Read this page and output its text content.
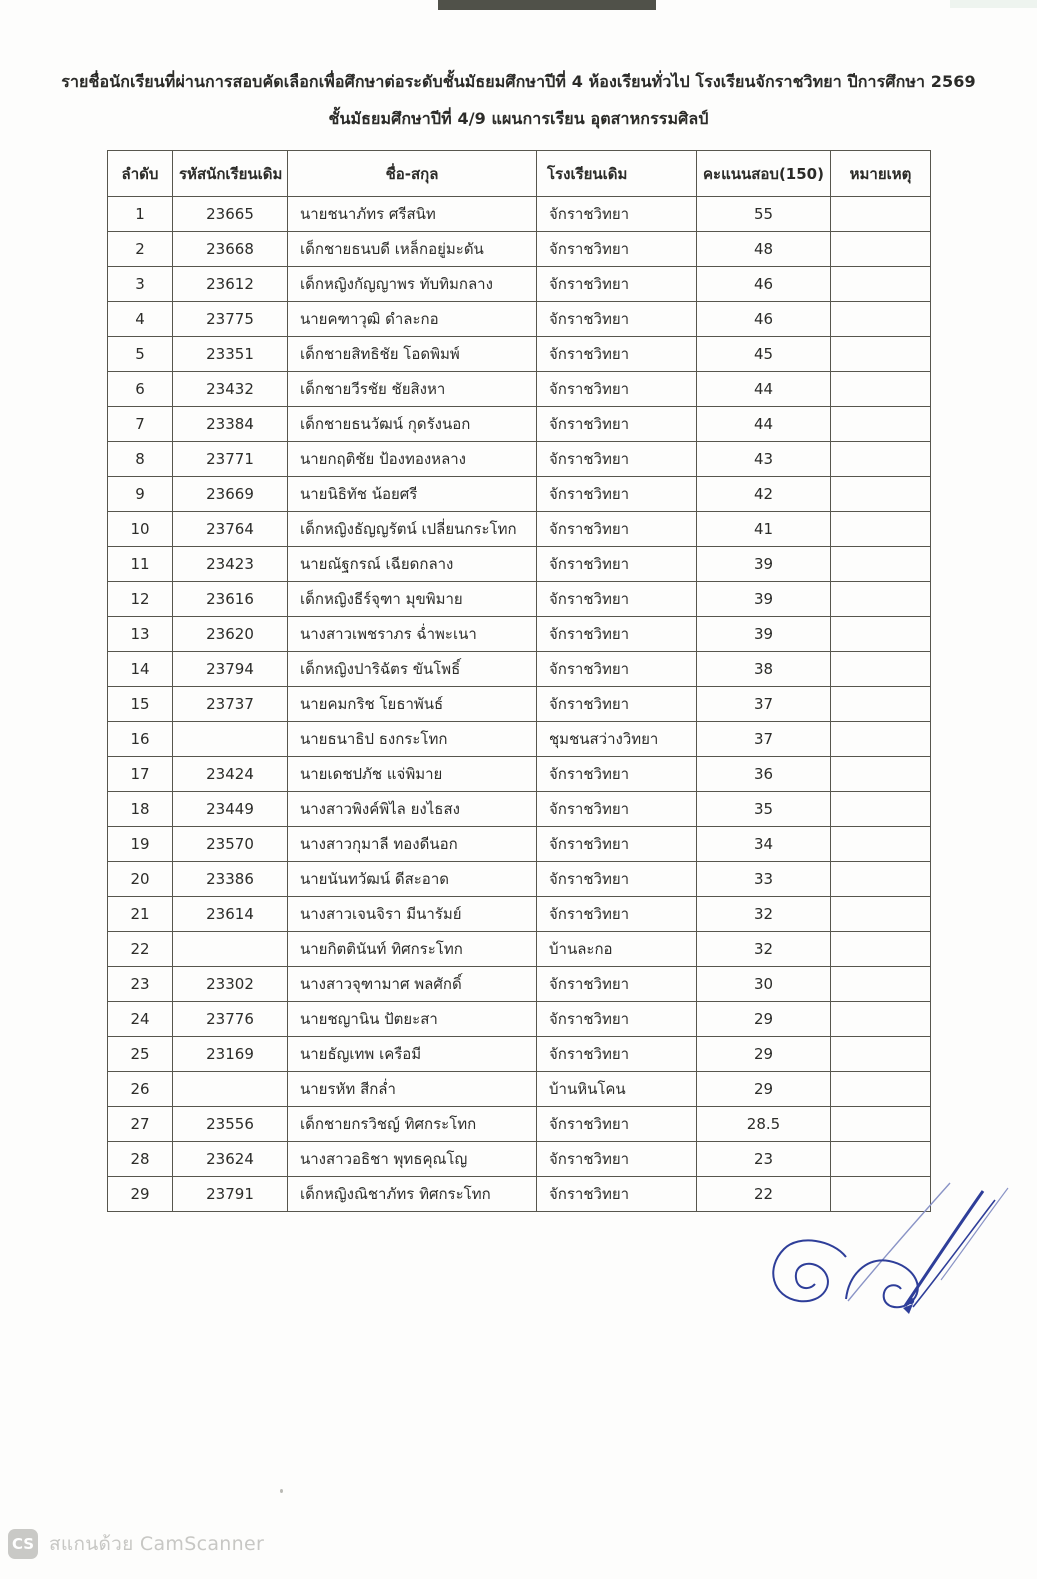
รายชื่อนักเรียนที่ผ่านการสอบคัดเลือกเพื่อศึกษาต่อระดับชั้นมัธยมศึกษาปีที่ 4 ห้องเรียนทั่วไป โรงเรียนจักราชวิทยา ปีการศึกษา 2569
ชั้นมัธยมศึกษาปีที่ 4/9 แผนการเรียน อุตสาหกรรมศิลป์
ลำดับ	รหัสนักเรียนเดิม	ชื่อ-สกุล	โรงเรียนเดิม	คะแนนสอบ(150)	หมายเหตุ
1	23665	นายชนาภัทร ศรีสนิท	จักราชวิทยา	55	
2	23668	เด็กชายธนบดี เหล็กอยู่มะดัน	จักราชวิทยา	48	
3	23612	เด็กหญิงกัญญาพร ทับทิมกลาง	จักราชวิทยา	46	
4	23775	นายคฑาวุฒิ ดำละกอ	จักราชวิทยา	46	
5	23351	เด็กชายสิทธิชัย โอดพิมพ์	จักราชวิทยา	45	
6	23432	เด็กชายวีรชัย ชัยสิงหา	จักราชวิทยา	44	
7	23384	เด็กชายธนวัฒน์ กุดรังนอก	จักราชวิทยา	44	
8	23771	นายกฤติชัย ป้องทองหลาง	จักราชวิทยา	43	
9	23669	นายนิธิทัช น้อยศรี	จักราชวิทยา	42	
10	23764	เด็กหญิงธัญญรัตน์ เปลี่ยนกระโทก	จักราชวิทยา	41	
11	23423	นายณัฐกรณ์ เฉียดกลาง	จักราชวิทยา	39	
12	23616	เด็กหญิงธีร์จุฑา มุขพิมาย	จักราชวิทยา	39	
13	23620	นางสาวเพชราภร ฉ่ำพะเนา	จักราชวิทยา	39	
14	23794	เด็กหญิงปาริฉัตร ขันโพธิ์	จักราชวิทยา	38	
15	23737	นายคมกริช โยธาพันธ์	จักราชวิทยา	37	
16		นายธนาธิป ธงกระโทก	ชุมชนสว่างวิทยา	37	
17	23424	นายเดชปภัช แจ่พิมาย	จักราชวิทยา	36	
18	23449	นางสาวพิงค์พิไล ยงไธสง	จักราชวิทยา	35	
19	23570	นางสาวกุมาลี ทองดีนอก	จักราชวิทยา	34	
20	23386	นายนันทวัฒน์ ดีสะอาด	จักราชวิทยา	33	
21	23614	นางสาวเจนจิรา มีนารัมย์	จักราชวิทยา	32	
22		นายกิตตินันท์ ทิศกระโทก	บ้านละกอ	32	
23	23302	นางสาวจุฑามาศ พลศักดิ์	จักราชวิทยา	30	
24	23776	นายชญานิน ปัตยะสา	จักราชวิทยา	29	
25	23169	นายธัญเทพ เครือมี	จักราชวิทยา	29	
26		นายรหัท สีกล่ำ	บ้านหินโคน	29	
27	23556	เด็กชายกรวิชญ์ ทิศกระโทก	จักราชวิทยา	28.5	
28	23624	นางสาวอธิชา พุทธคุณโญ	จักราชวิทยา	23	
29	23791	เด็กหญิงณิชาภัทร ทิศกระโทก	จักราชวิทยา	22	
CS สแกนด้วย CamScanner
